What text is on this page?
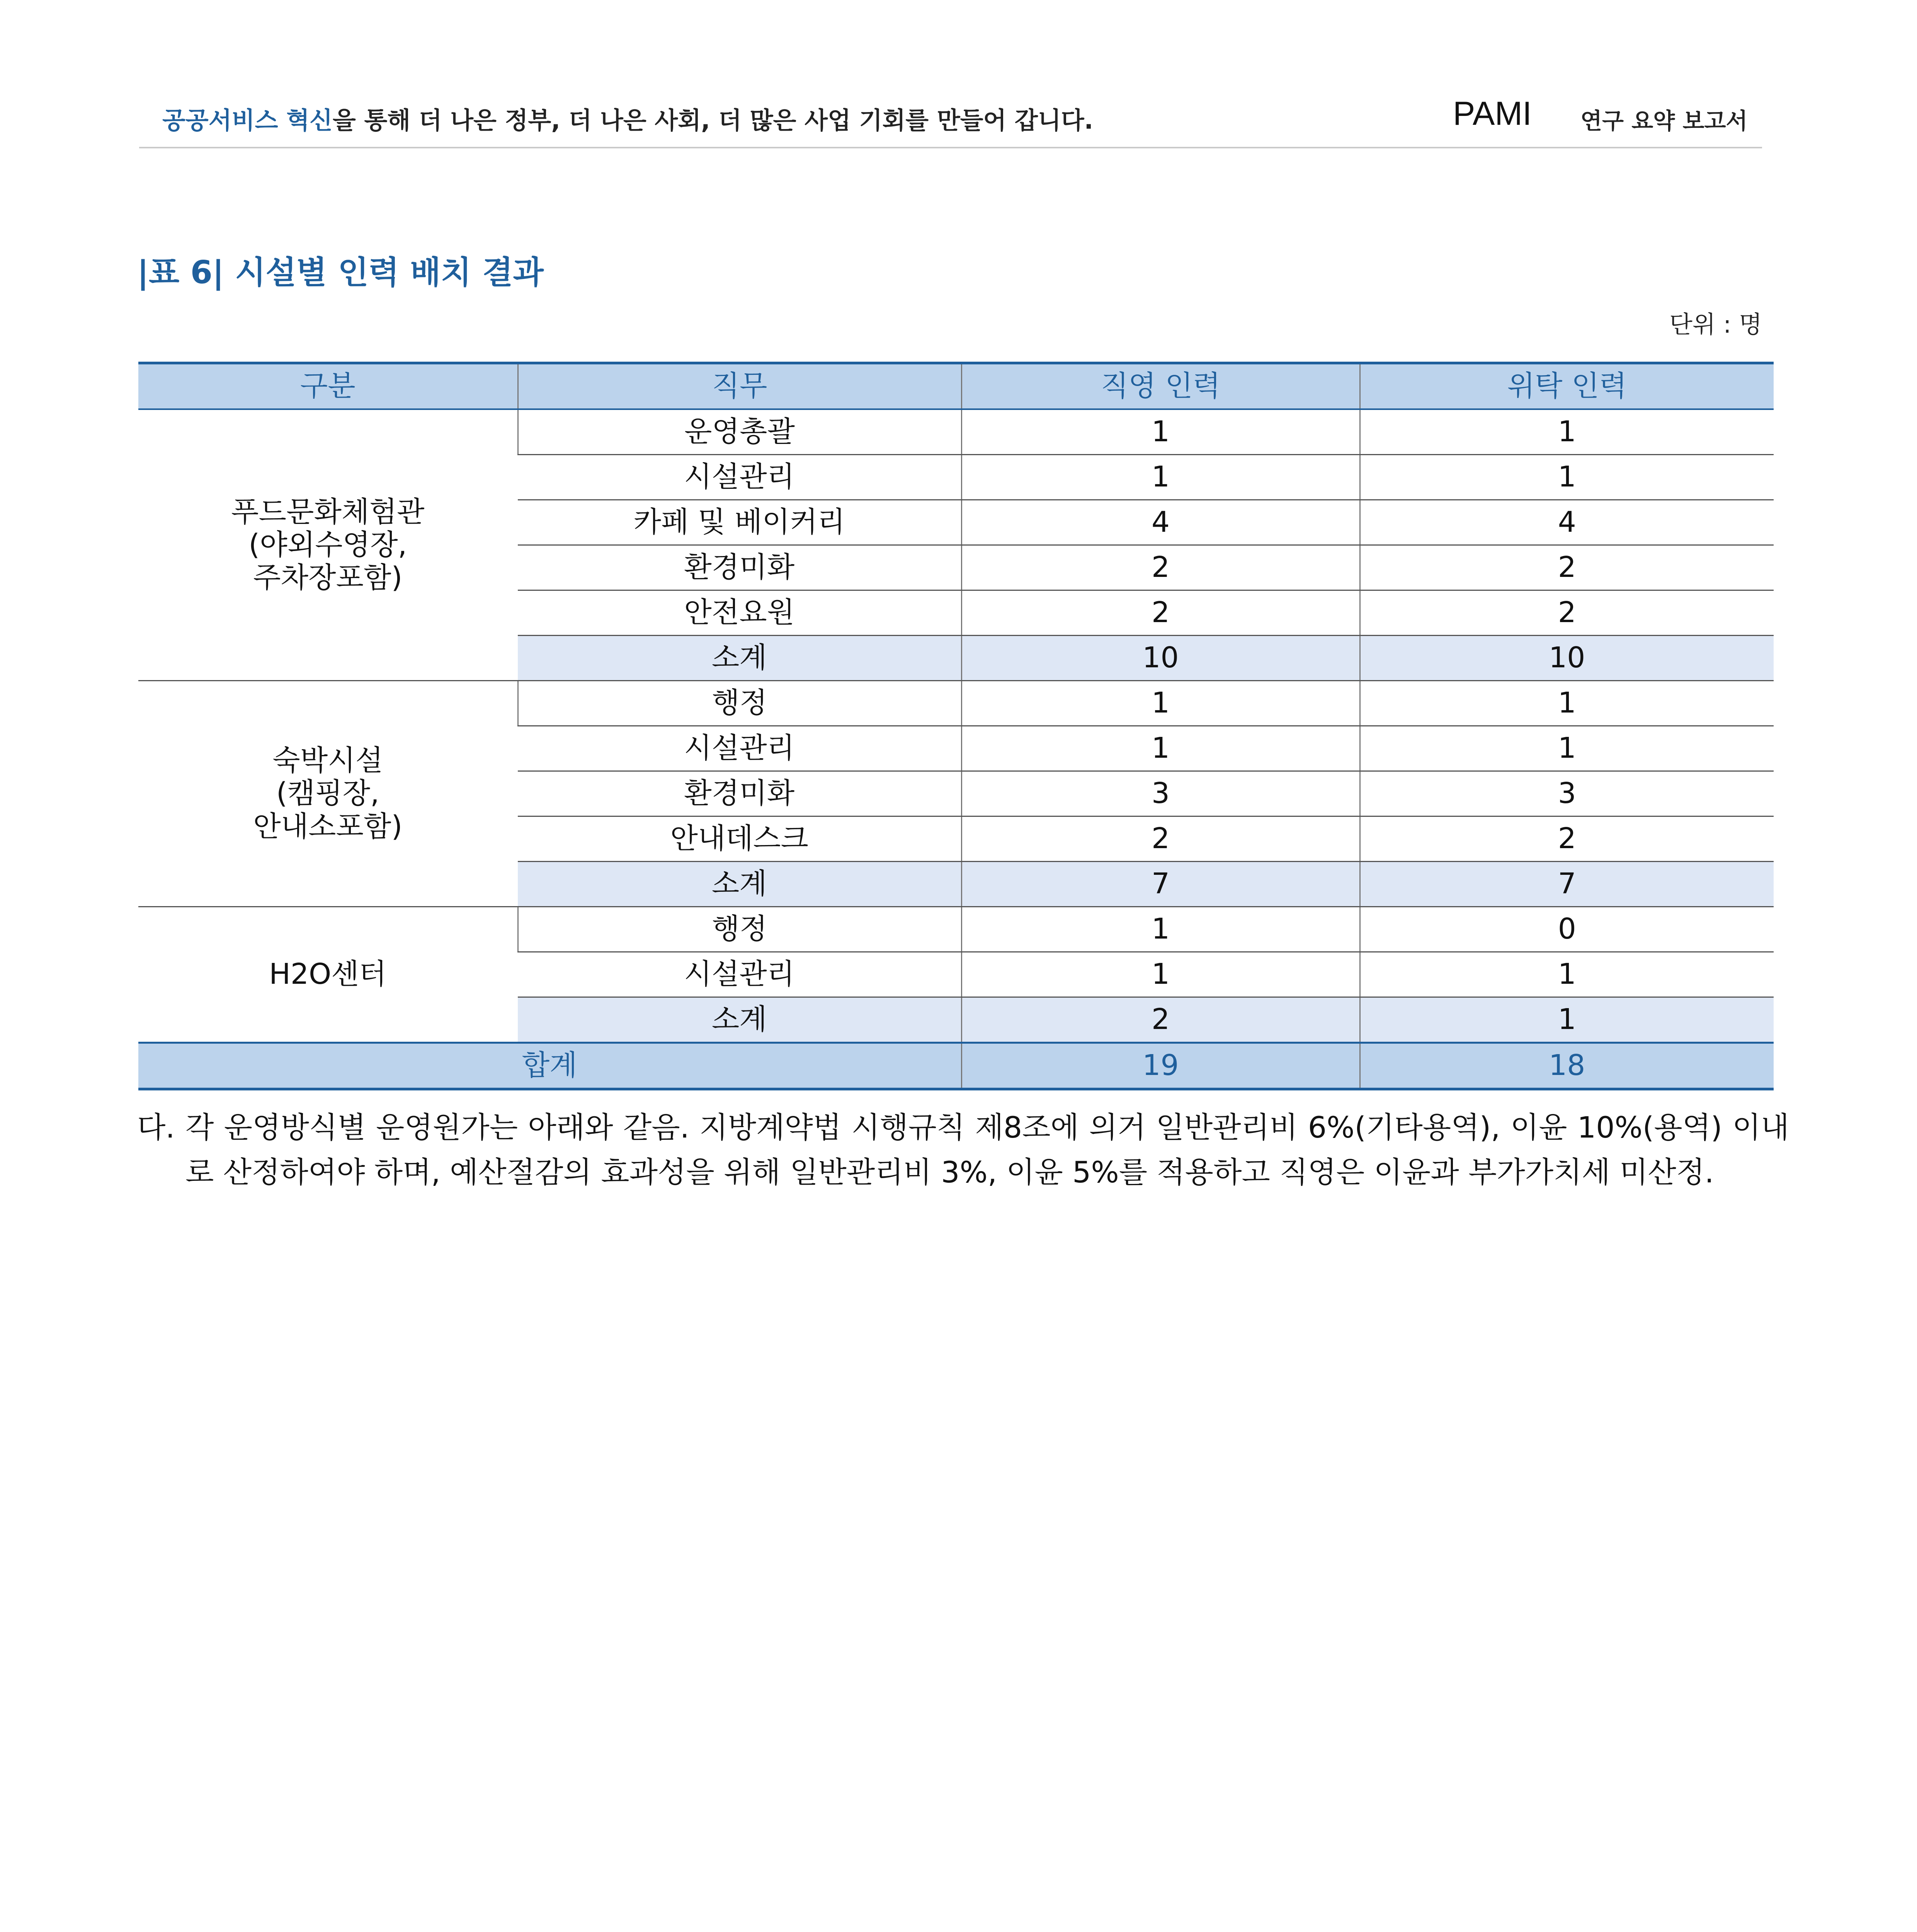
공공서비스 혁신을 통해 더 나은 정부, 더 나은 사회, 더 많은 사업 기회를 만들어 갑니다.	PAMI 연구 요약 보고서
|표 6| 시설별 인력 배치 결과
단위 : 명
구분	직무	직영 인력	위탁 인력

푸드문화체험관
(야외수영장,
주차장포함)	운영총괄	1	1
	시설관리	1	1
	카페 및 베이커리	4	4
	환경미화	2	2
	안전요원	2	2
	소계	10	10

숙박시설
(캠핑장,
안내소포함)	행정	1	1
	시설관리	1	1
	환경미화	3	3
	안내데스크	2	2
	소계	7	7

H2O센터	행정	1	0
	시설관리	1	1
	소계	2	1
합계		19	18
다. 각 운영방식별 운영원가는 아래와 같음. 지방계약법 시행규칙 제8조에 의거 일반관리비 6%(기타용역), 이윤 10%(용역) 이내로 산정하여야 하며, 예산절감의 효과성을 위해 일반관리비 3%, 이윤 5%를 적용하고 직영은 이윤과 부가가치세 미산정.
